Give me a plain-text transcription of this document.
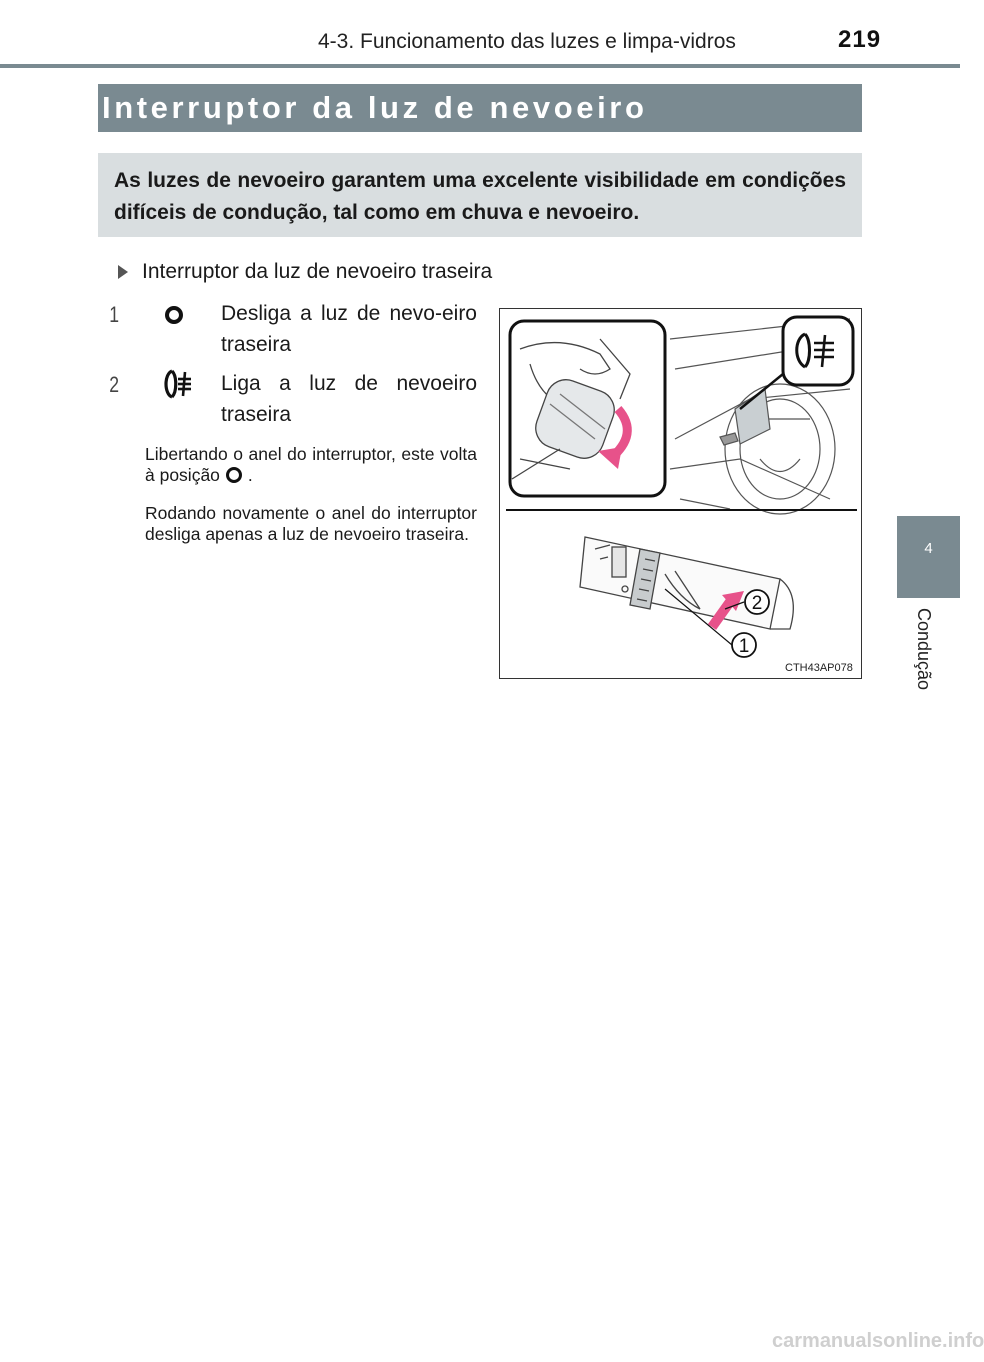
4-3. Funcionamento das luzes e limpa-vidros	219
Interruptor da luz de nevoeiro

As luzes de nevoeiro garantem uma excelente visibilidade em condições difíceis de condução, tal como em chuva e nevoeiro.

Interruptor da luz de nevoeiro traseira
1	Desliga a luz de nevo-eiro traseira
2	Liga a luz de nevoeiro traseira
Libertando o anel do interruptor, este volta à posição .
Rodando novamente o anel do interruptor desliga apenas a luz de nevoeiro traseira.
2
1
CTH43AP078
4
Condução
carmanualsonline.info
